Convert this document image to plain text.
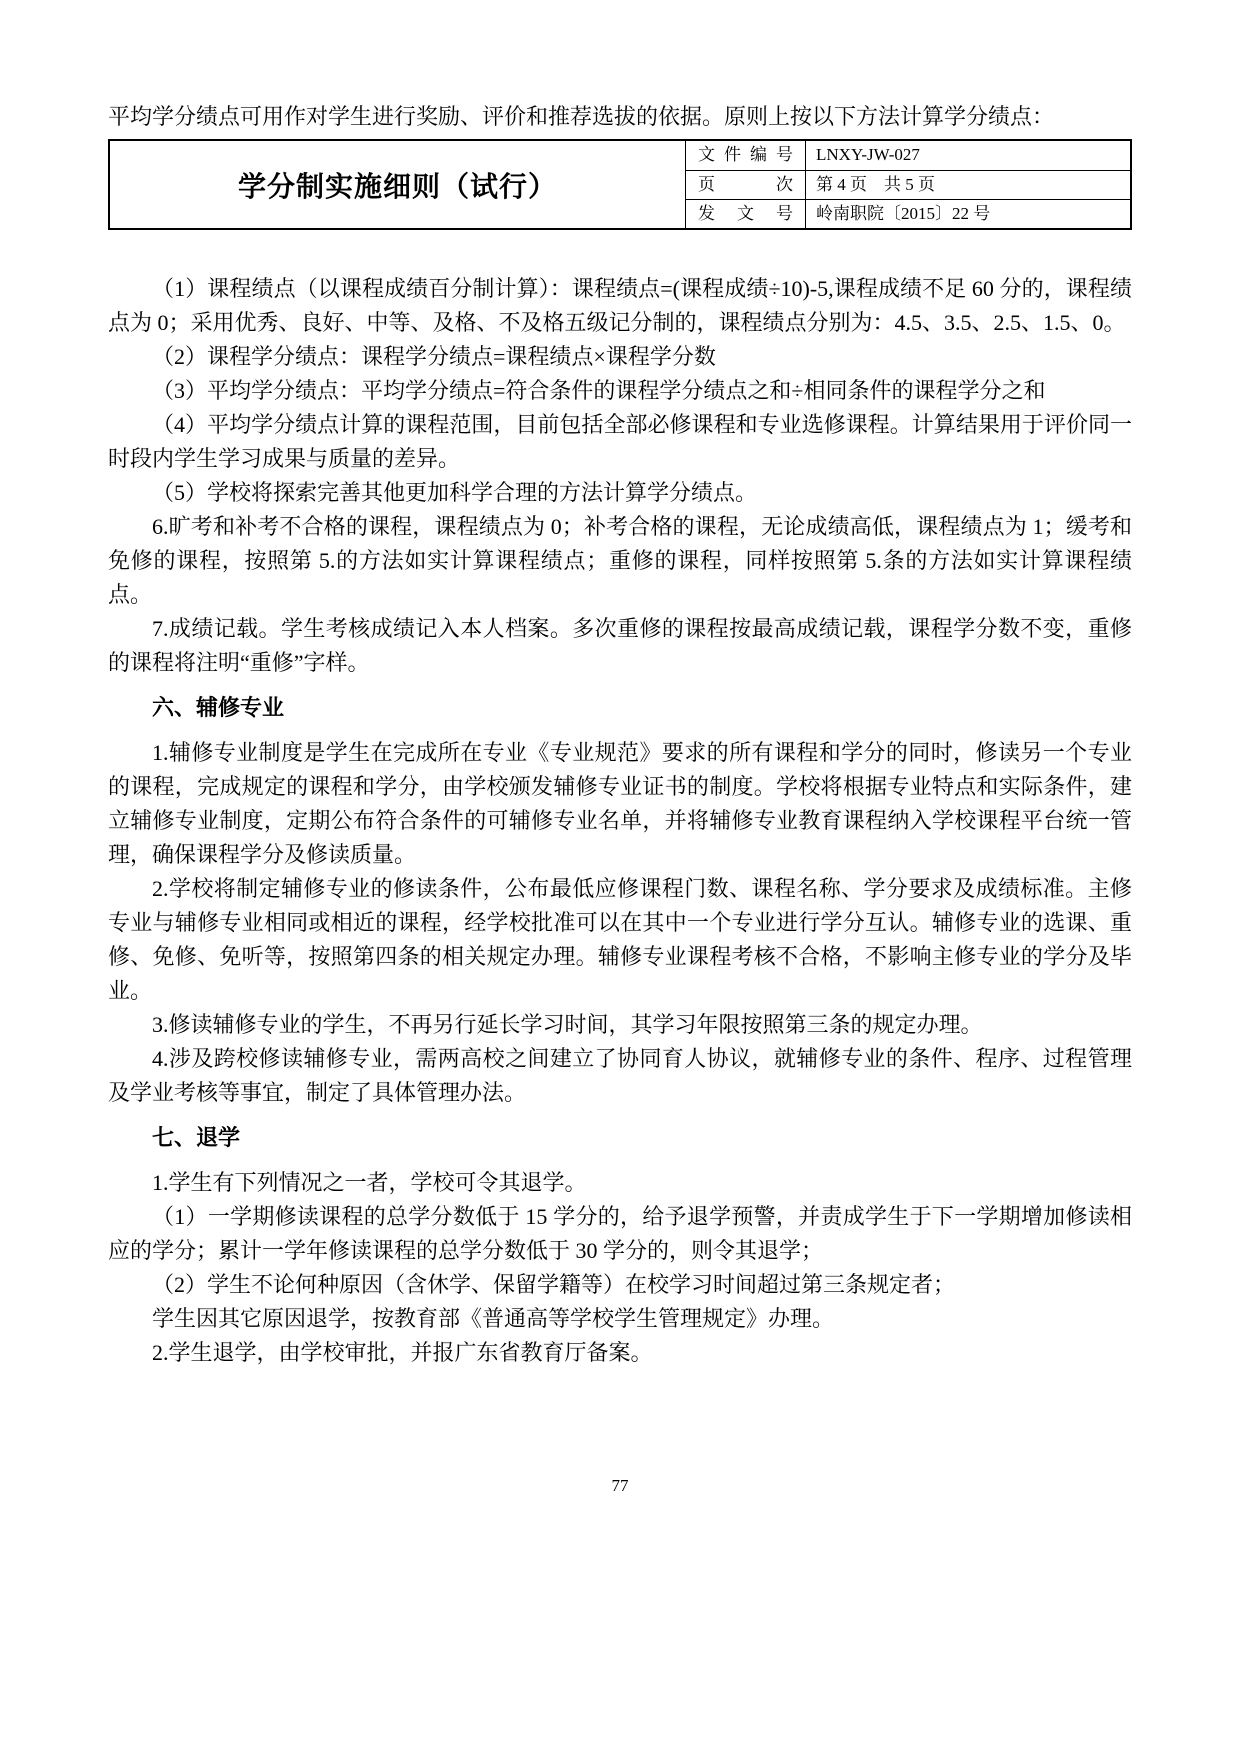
平均学分绩点可用作对学生进行奖励、评价和推荐选拔的依据。原则上按以下方法计算学分绩点：

学分制实施细则（试行）
文件编号	LNXY-JW-027
页次	第 4 页　共 5 页
发文号	岭南职院〔2015〕22 号

（1）课程绩点（以课程成绩百分制计算）：课程绩点=(课程成绩÷10)-5,课程成绩不足 60 分的，课程绩点为 0；采用优秀、良好、中等、及格、不及格五级记分制的，课程绩点分别为：4.5、3.5、2.5、1.5、0。

（2）课程学分绩点：课程学分绩点=课程绩点×课程学分数

（3）平均学分绩点：平均学分绩点=符合条件的课程学分绩点之和÷相同条件的课程学分之和

（4）平均学分绩点计算的课程范围，目前包括全部必修课程和专业选修课程。计算结果用于评价同一时段内学生学习成果与质量的差异。

（5）学校将探索完善其他更加科学合理的方法计算学分绩点。

6.旷考和补考不合格的课程，课程绩点为 0；补考合格的课程，无论成绩高低，课程绩点为 1；缓考和免修的课程，按照第 5.的方法如实计算课程绩点；重修的课程，同样按照第 5.条的方法如实计算课程绩点。

7.成绩记载。学生考核成绩记入本人档案。多次重修的课程按最高成绩记载，课程学分数不变，重修的课程将注明“重修”字样。

六、辅修专业

1.辅修专业制度是学生在完成所在专业《专业规范》要求的所有课程和学分的同时，修读另一个专业的课程，完成规定的课程和学分，由学校颁发辅修专业证书的制度。学校将根据专业特点和实际条件，建立辅修专业制度，定期公布符合条件的可辅修专业名单，并将辅修专业教育课程纳入学校课程平台统一管理，确保课程学分及修读质量。

2.学校将制定辅修专业的修读条件，公布最低应修课程门数、课程名称、学分要求及成绩标准。主修专业与辅修专业相同或相近的课程，经学校批准可以在其中一个专业进行学分互认。辅修专业的选课、重修、免修、免听等，按照第四条的相关规定办理。辅修专业课程考核不合格，不影响主修专业的学分及毕业。

3.修读辅修专业的学生，不再另行延长学习时间，其学习年限按照第三条的规定办理。

4.涉及跨校修读辅修专业，需两高校之间建立了协同育人协议，就辅修专业的条件、程序、过程管理及学业考核等事宜，制定了具体管理办法。

七、退学

1.学生有下列情况之一者，学校可令其退学。

（1）一学期修读课程的总学分数低于 15 学分的，给予退学预警，并责成学生于下一学期增加修读相应的学分；累计一学年修读课程的总学分数低于 30 学分的，则令其退学；

（2）学生不论何种原因（含休学、保留学籍等）在校学习时间超过第三条规定者；

学生因其它原因退学，按教育部《普通高等学校学生管理规定》办理。

2.学生退学，由学校审批，并报广东省教育厅备案。

77
